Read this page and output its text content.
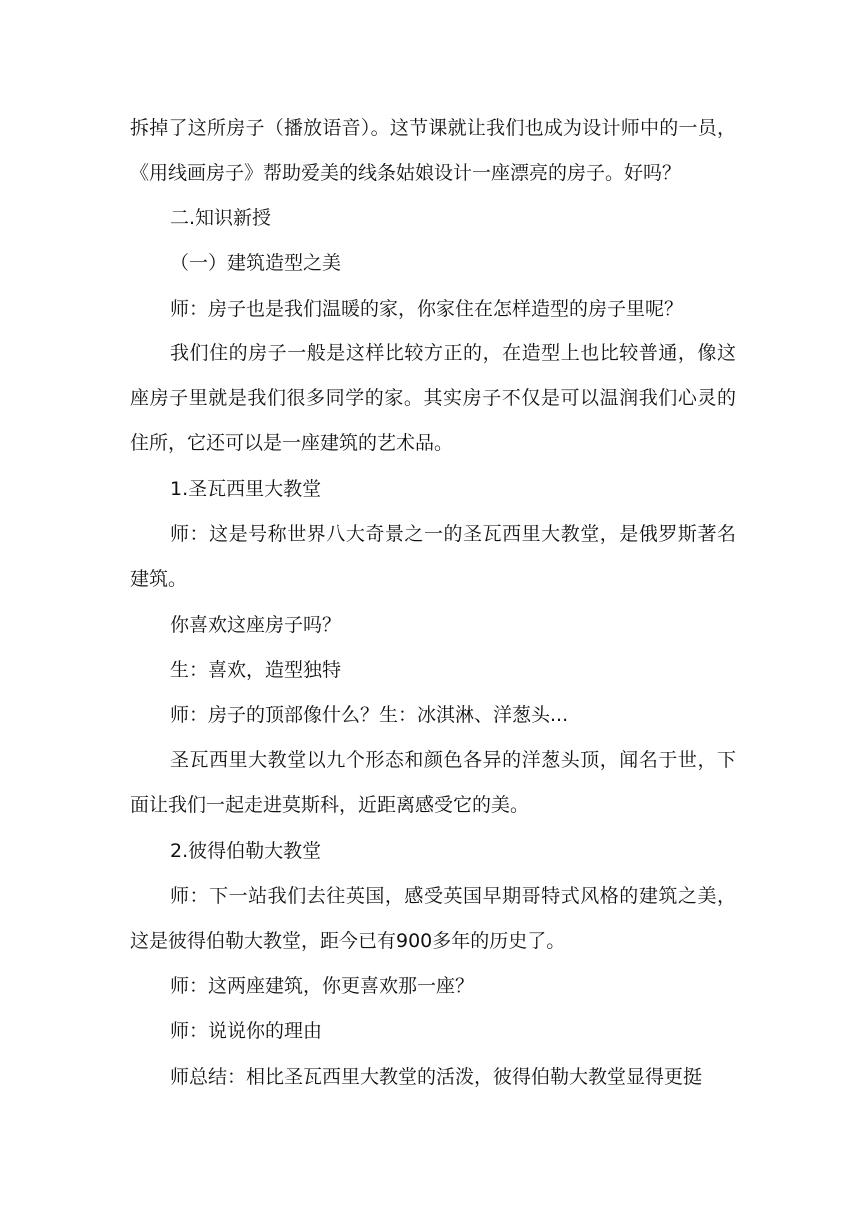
拆掉了这所房子（播放语音）。这节课就让我们也成为设计师中的一员，《用线画房子》帮助爱美的线条姑娘设计一座漂亮的房子。好吗？

二.知识新授

（一）建筑造型之美

师：房子也是我们温暖的家，你家住在怎样造型的房子里呢？

我们住的房子一般是这样比较方正的，在造型上也比较普通，像这座房子里就是我们很多同学的家。其实房子不仅是可以温润我们心灵的住所，它还可以是一座建筑的艺术品。

1.圣瓦西里大教堂

师：这是号称世界八大奇景之一的圣瓦西里大教堂，是俄罗斯著名建筑。

你喜欢这座房子吗？

生：喜欢，造型独特

师：房子的顶部像什么？生：冰淇淋、洋葱头...

圣瓦西里大教堂以九个形态和颜色各异的洋葱头顶，闻名于世，下面让我们一起走进莫斯科，近距离感受它的美。

2.彼得伯勒大教堂

师：下一站我们去往英国，感受英国早期哥特式风格的建筑之美，这是彼得伯勒大教堂，距今已有900多年的历史了。

师：这两座建筑，你更喜欢那一座？

师：说说你的理由

师总结：相比圣瓦西里大教堂的活泼，彼得伯勒大教堂显得更挺
